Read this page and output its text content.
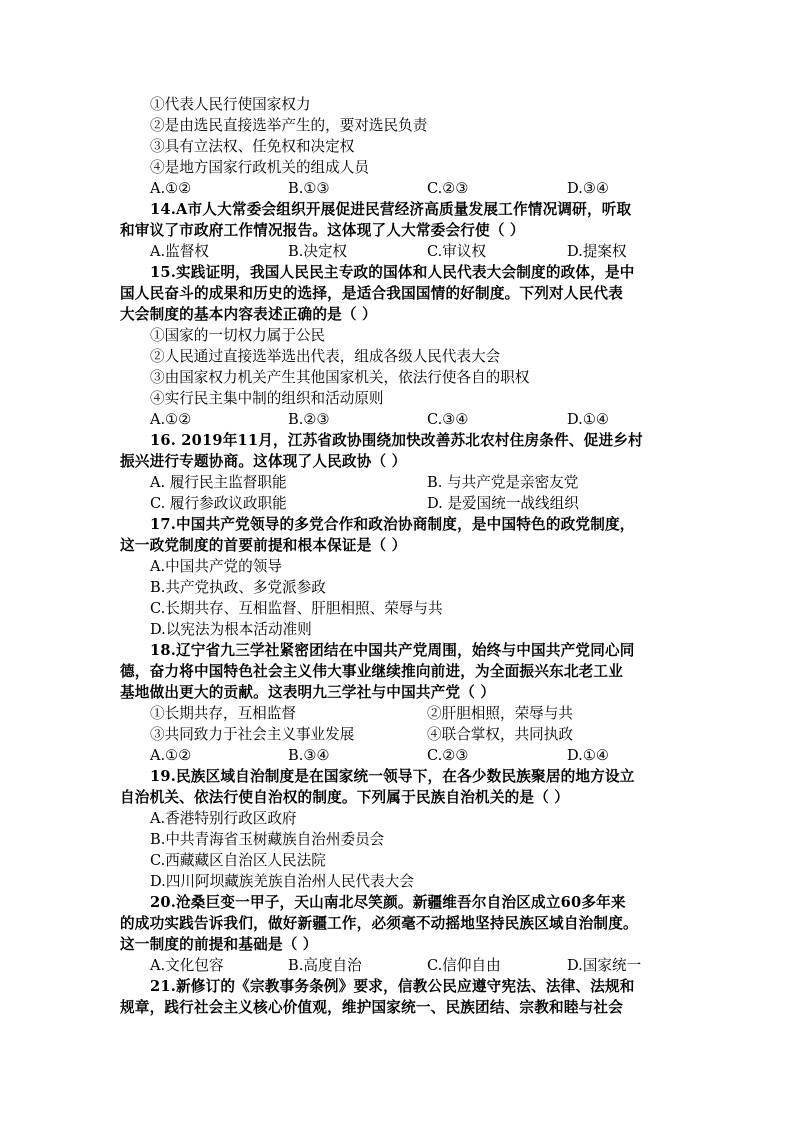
①代表人民行使国家权力
②是由选民直接选举产生的，要对选民负责
③具有立法权、任免权和决定权
④是地方国家行政机关的组成人员
A.①②	B.①③	C.②③	D.③④
14.A市人大常委会组织开展促进民营经济高质量发展工作情况调研，听取
和审议了市政府工作情况报告。这体现了人大常委会行使（ ）
A.监督权	B.决定权	C.审议权	D.提案权
15.实践证明，我国人民民主专政的国体和人民代表大会制度的政体，是中
国人民奋斗的成果和历史的选择，是适合我国国情的好制度。下列对人民代表
大会制度的基本内容表述正确的是（ ）
①国家的一切权力属于公民
②人民通过直接选举选出代表，组成各级人民代表大会
③由国家权力机关产生其他国家机关，依法行使各自的职权
④实行民主集中制的组织和活动原则
A.①②	B.②③	C.③④	D.①④
16. 2019年11月，江苏省政协围绕加快改善苏北农村住房条件、促进乡村
振兴进行专题协商。这体现了人民政协（ ）
A. 履行民主监督职能	B. 与共产党是亲密友党
C. 履行参政议政职能	D. 是爱国统一战线组织
17.中国共产党领导的多党合作和政治协商制度，是中国特色的政党制度，
这一政党制度的首要前提和根本保证是（ ）
A.中国共产党的领导
B.共产党执政、多党派参政
C.长期共存、互相监督、肝胆相照、荣辱与共
D.以宪法为根本活动准则
18.辽宁省九三学社紧密团结在中国共产党周围，始终与中国共产党同心同
德，奋力将中国特色社会主义伟大事业继续推向前进，为全面振兴东北老工业
基地做出更大的贡献。这表明九三学社与中国共产党（ ）
①长期共存，互相监督	②肝胆相照，荣辱与共
③共同致力于社会主义事业发展	④联合掌权，共同执政
A.①②	B.③④	C.②③	D.①④
19.民族区域自治制度是在国家统一领导下，在各少数民族聚居的地方设立
自治机关、依法行使自治权的制度。下列属于民族自治机关的是（ ）
A.香港特别行政区政府
B.中共青海省玉树藏族自治州委员会
C.西藏藏区自治区人民法院
D.四川阿坝藏族羌族自治州人民代表大会
20.沧桑巨变一甲子，天山南北尽笑颜。新疆维吾尔自治区成立60多年来
的成功实践告诉我们，做好新疆工作，必须毫不动摇地坚持民族区域自治制度。
这一制度的前提和基础是（ ）
A.文化包容	B.高度自治	C.信仰自由	D.国家统一
21.新修订的《宗教事务条例》要求，信教公民应遵守宪法、法律、法规和
规章，践行社会主义核心价值观，维护国家统一、民族团结、宗教和睦与社会
